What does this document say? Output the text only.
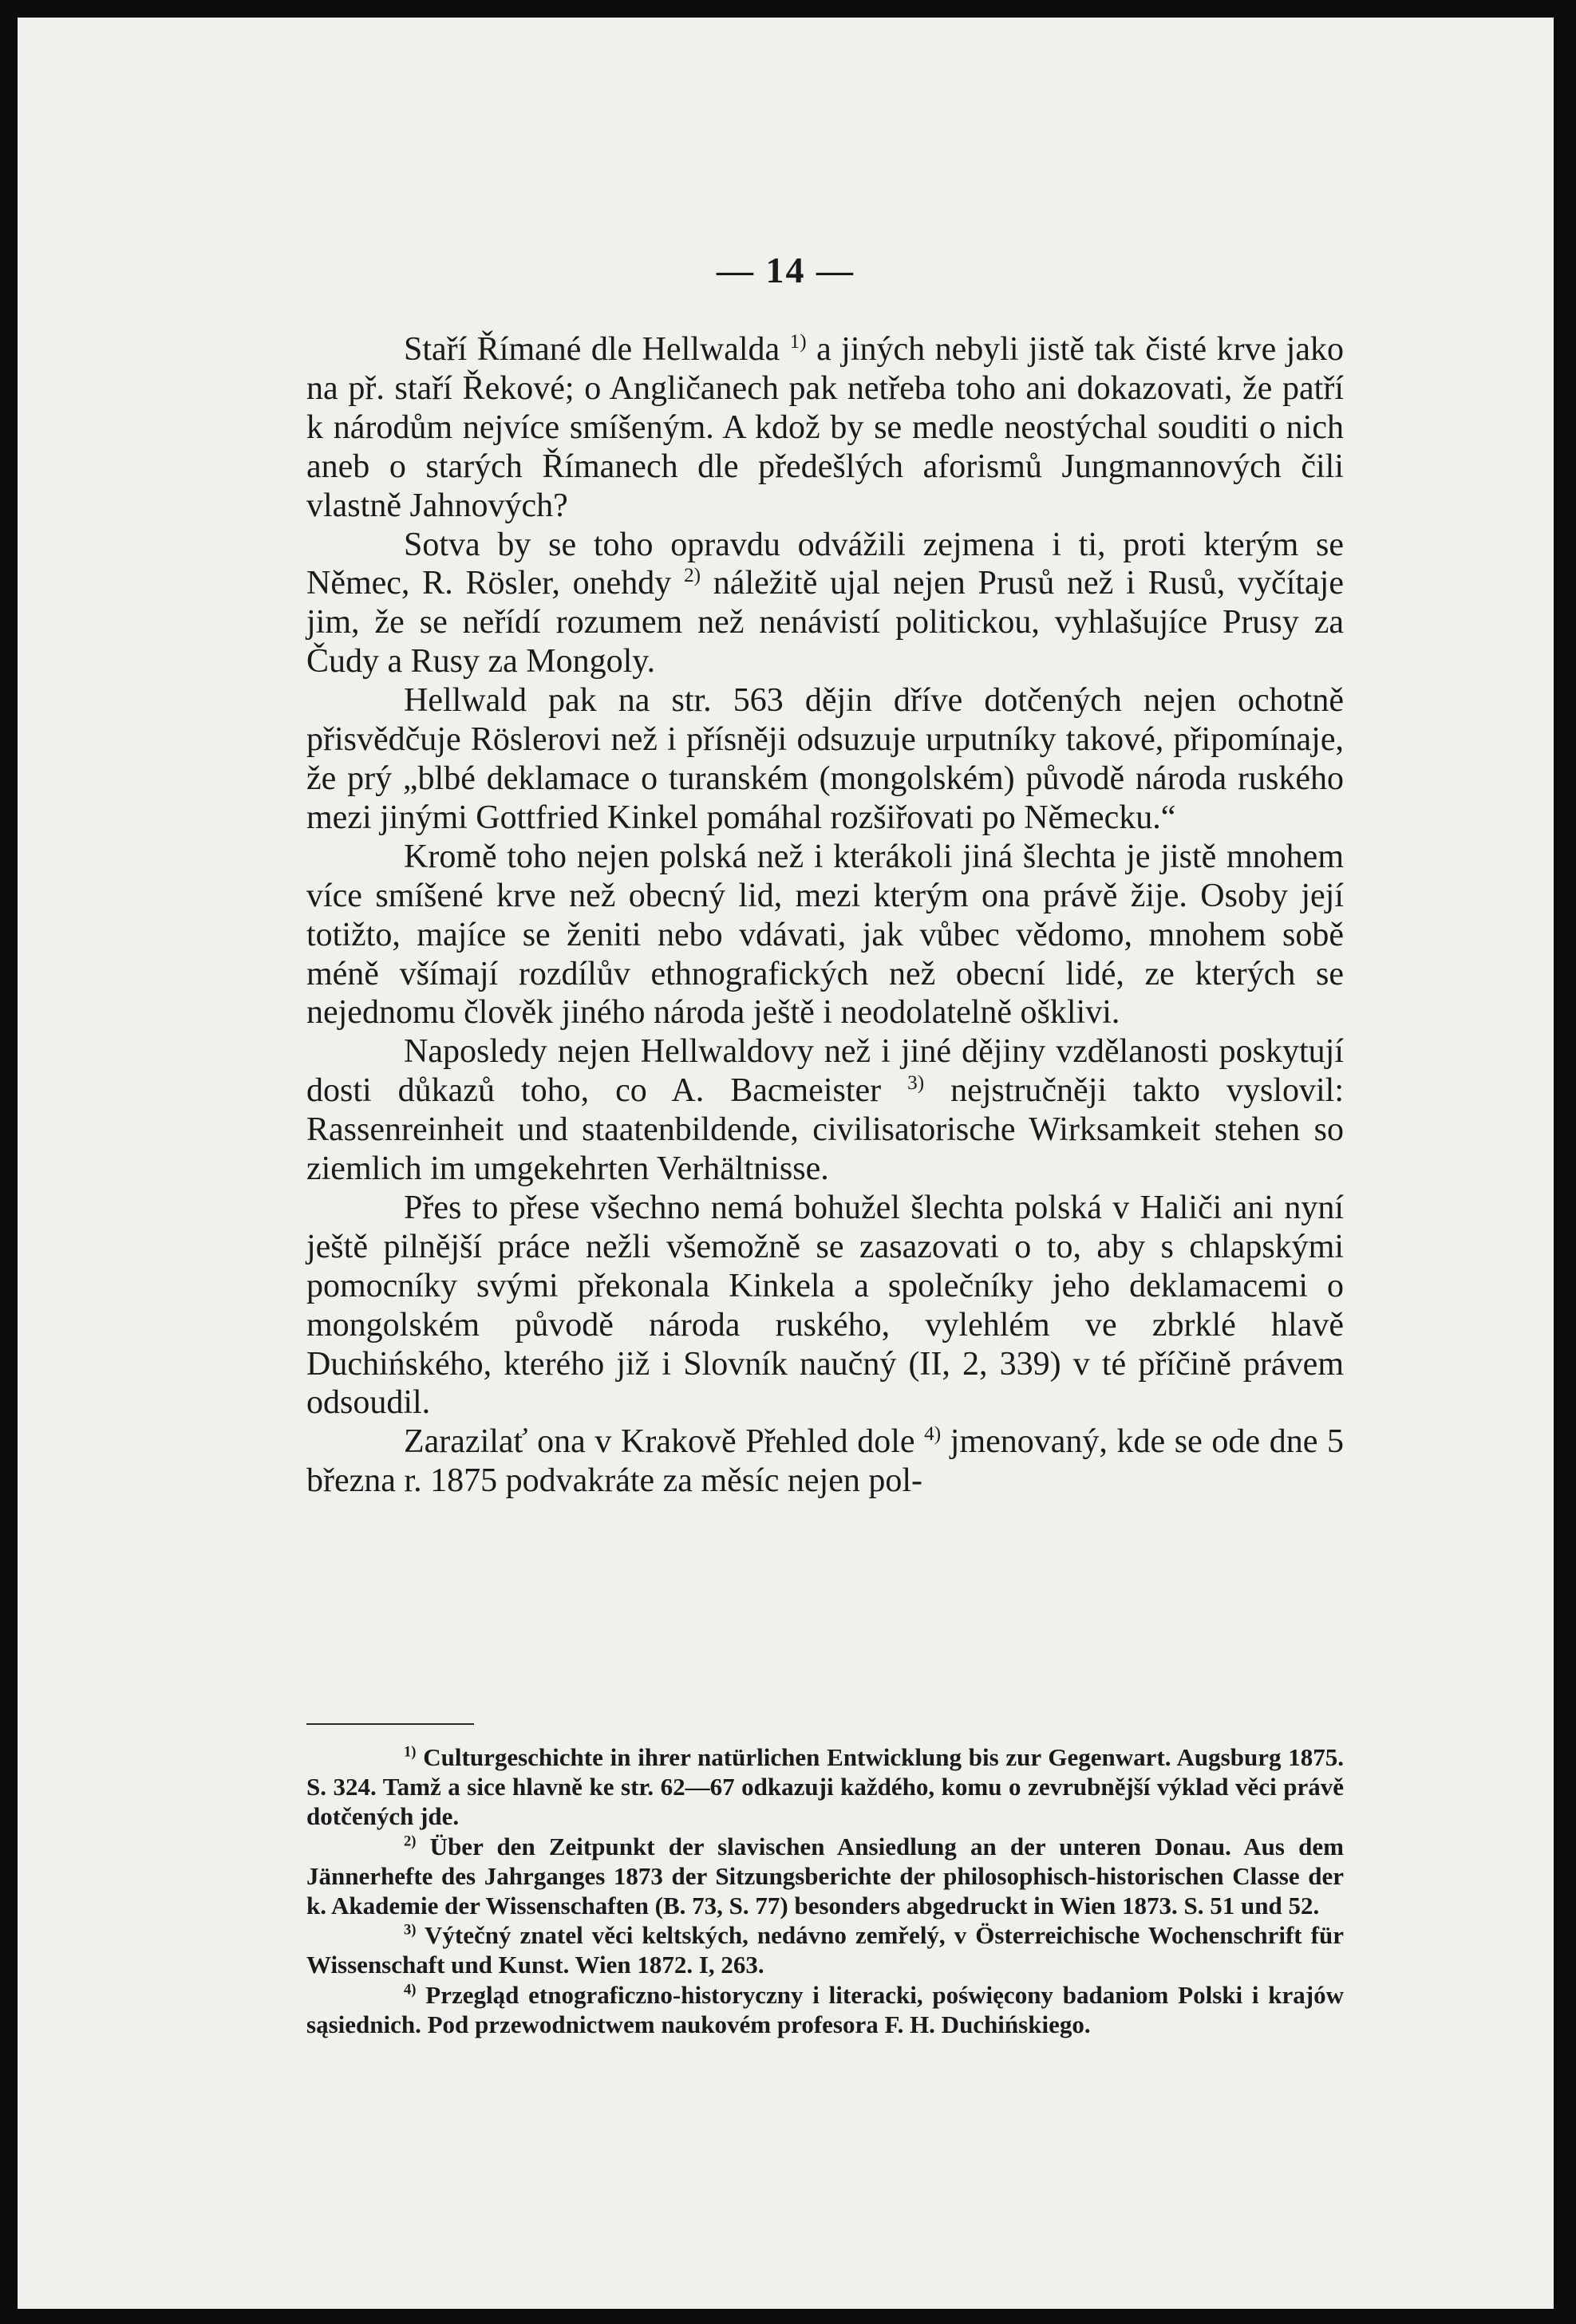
— 14 —

Staří Římané dle Hellwalda $^{1)}$ a jiných nebyli jistě tak čisté krve jako na př. staří Řekové; o Angličanech pak netřeba toho ani dokazovati, že patří k národům nejvíce smíšeným. A kdož by se medle neostýchal souditi o nich aneb o starých Římanech dle předešlých aforismů Jungmannových čili vlastně Jahnových?

Sotva by se toho opravdu odvážili zejmena i ti, proti kterým se Němec, R. Rösler, onehdy $^{2)}$ náležitě ujal nejen Prusů než i Rusů, vyčítaje jim, že se neřídí rozumem než nenávistí politickou, vyhlašujíce Prusy za Čudy a Rusy za Mongoly.

Hellwald pak na str. 563 dějin dříve dotčených nejen ochotně přisvědčuje Röslerovi než i přísněji odsuzuje urputníky takové, připomínaje, že prý „blbé deklamace o turanském (mongolském) původě národa ruského mezi jinými Gottfried Kinkel pomáhal rozšiřovati po Německu.“

Kromě toho nejen polská než i kterákoli jiná šlechta je jistě mnohem více smíšené krve než obecný lid, mezi kterým ona právě žije. Osoby její totižto, majíce se ženiti nebo vdávati, jak vůbec vědomo, mnohem sobě méně všímají rozdílův ethnografických než obecní lidé, ze kterých se nejednomu člověk jiného národa ještě i neodolatelně ošklivi.

Naposledy nejen Hellwaldovy než i jiné dějiny vzdělanosti poskytují dosti důkazů toho, co A. Bacmeister $^{3)}$ nejstručněji takto vyslovil: Rassenreinheit und staatenbildende, civilisatorische Wirksamkeit stehen so ziemlich im umgekehrten Verhältnisse.

Přes to přese všechno nemá bohužel šlechta polská v Haliči ani nyní ještě pilnější práce nežli všemožně se zasazovati o to, aby s chlapskými pomocníky svými překonala Kinkela a společníky jeho deklamacemi o mongolském původě národa ruského, vylehlém ve zbrklé hlavě Duchińského, kterého již i Slovník naučný (II, 2, 339) v té příčině právem odsoudil.

Zarazilať ona v Krakově Přehled dole $^{4)}$ jmenovaný, kde se ode dne 5 března r. 1875 podvakráte za měsíc nejen pol-

$^{1)}$ Culturgeschichte in ihrer natürlichen Entwicklung bis zur Gegenwart. Augsburg 1875. S. 324. Tamž a sice hlavně ke str. 62—67 odkazuji každého, komu o zevrubnější výklad věci právě dotčených jde.

$^{2)}$ Über den Zeitpunkt der slavischen Ansiedlung an der unteren Donau. Aus dem Jännerhefte des Jahrganges 1873 der Sitzungsberichte der philosophisch-historischen Classe der k. Akademie der Wissenschaften (B. 73, S. 77) besonders abgedruckt in Wien 1873. S. 51 und 52.

$^{3)}$ Výtečný znatel věci keltských, nedávno zemřelý, v Österreichische Wochenschrift für Wissenschaft und Kunst. Wien 1872. I, 263.

$^{4)}$ Przegląd etnograficzno-historyczny i literacki, poświęcony badaniom Polski i krajów sąsiednich. Pod przewodnictwem naukovém profesora F. H. Duchińskiego.
